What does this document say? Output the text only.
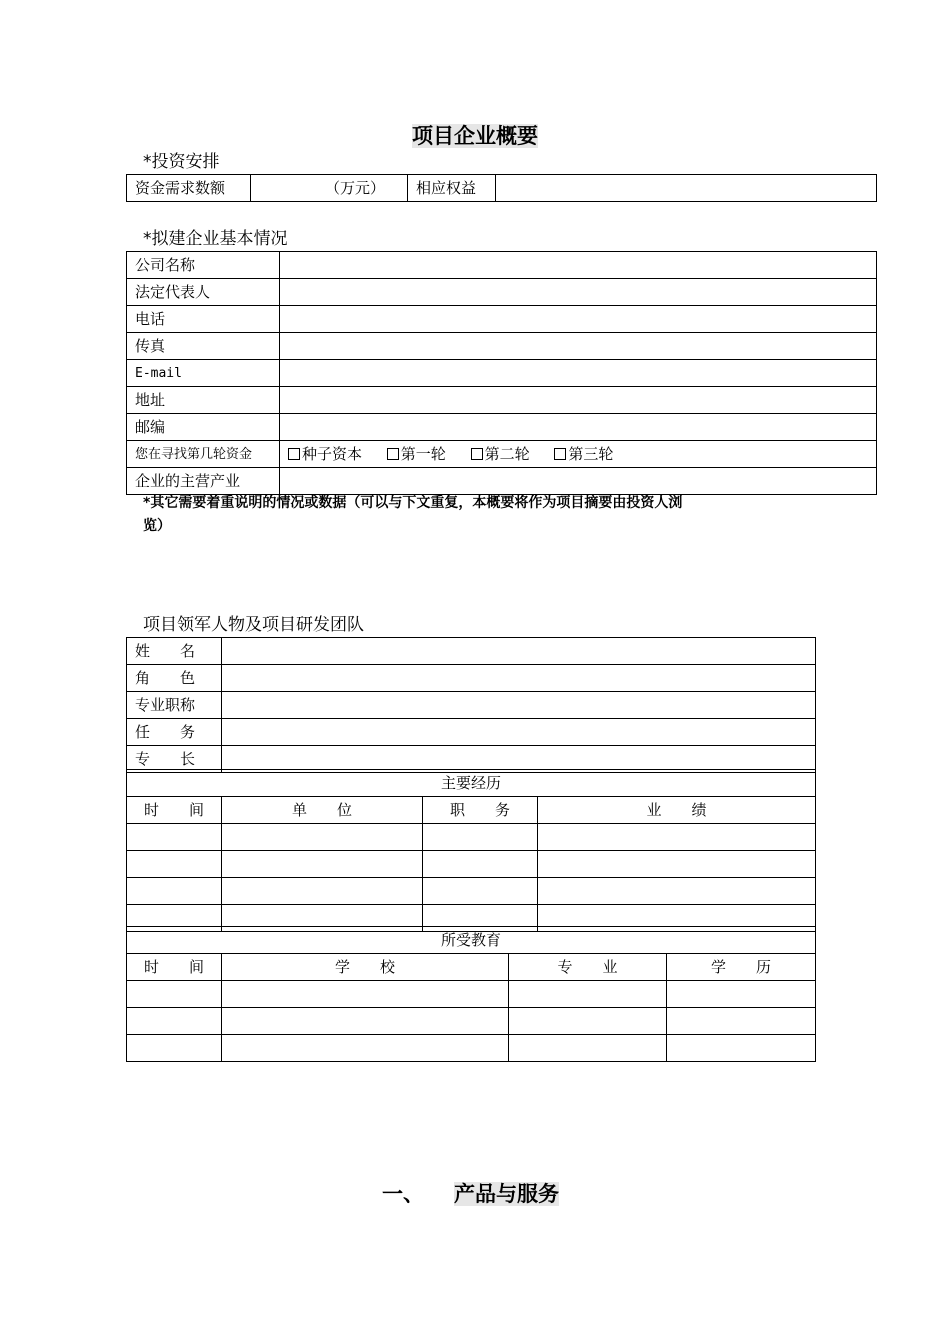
项目企业概要
*投资安排
资金需求数额	（万元）	相应权益	
*拟建企业基本情况
公司名称	
法定代表人	
电话	
传真	
E-mail	
地址	
邮编	
您在寻找第几轮资金	种子资本 第一轮 第二轮 第三轮
企业的主营产业	
*其它需要着重说明的情况或数据（可以与下文重复，本概要将作为项目摘要由投资人浏
览）
项目领军人物及项目研发团队
姓　　名	
角　　色	
专业职称	
任　　务	
专　　长	
主要经历			
时　　间	单　　位	职　　务	业　　绩

所受教育			
时　　间	学　　校	专　　业	学　　历

一、 产品与服务
